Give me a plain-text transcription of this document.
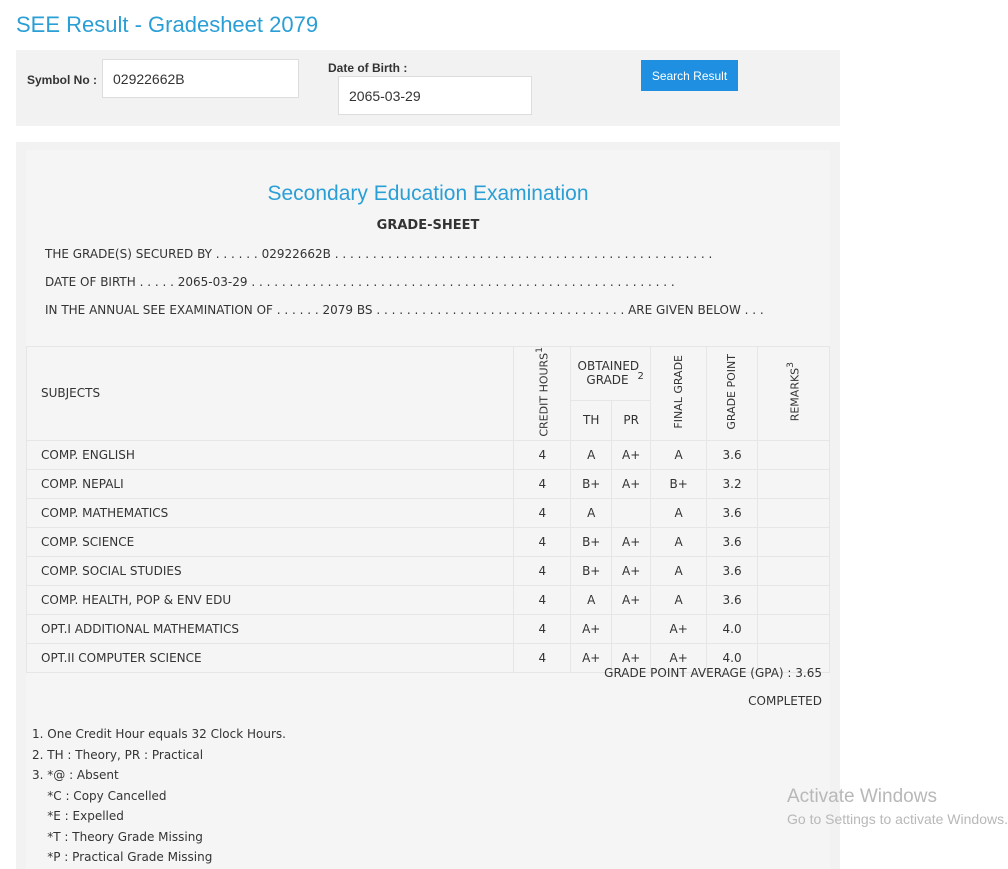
SEE Result - Gradesheet 2079
Symbol No :	02922662B
Date of Birth :
2065-03-29
Search Result
Secondary Education Examination
GRADE-SHEET
THE GRADE(S) SECURED BY . . . . . . 02922662B . . . . . . . . . . . . . . . . . . . . . . . . . . . . . . . . . . . . . . . . . . . . . . . . . .
DATE OF BIRTH . . . . . 2065-03-29 . . . . . . . . . . . . . . . . . . . . . . . . . . . . . . . . . . . . . . . . . . . . . . . . . . . . . . . .
IN THE ANNUAL SEE EXAMINATION OF . . . . . . 2079 BS . . . . . . . . . . . . . . . . . . . . . . . . . . . . . . . . . ARE GIVEN BELOW . . .
SUBJECTS	CREDIT HOURS$^1$	OBTAINED GRADE $^2$		FINAL GRADE	GRADE POINT	REMARKS$^3$
		TH	PR			
COMP. ENGLISH	4	A	A+	A	3.6	
COMP. NEPALI	4	B+	A+	B+	3.2	
COMP. MATHEMATICS	4	A		A	3.6	
COMP. SCIENCE	4	B+	A+	A	3.6	
COMP. SOCIAL STUDIES	4	B+	A+	A	3.6	
COMP. HEALTH, POP & ENV EDU	4	A	A+	A	3.6	
OPT.I ADDITIONAL MATHEMATICS	4	A+		A+	4.0	
OPT.II COMPUTER SCIENCE	4	A+	A+	A+	4.0	
GRADE POINT AVERAGE (GPA) : 3.65
COMPLETED
1. One Credit Hour equals 32 Clock Hours.
2. TH : Theory, PR : Practical
3. *@ : Absent
*C : Copy Cancelled
*E : Expelled
*T : Theory Grade Missing
*P : Practical Grade Missing
Activate Windows
Go to Settings to activate Windows.
